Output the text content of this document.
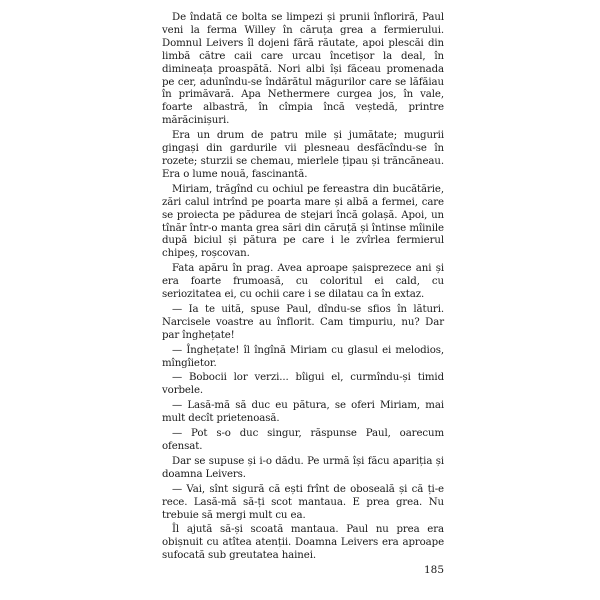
De îndată ce bolta se limpezi și prunii înfloriră, Paul veni la ferma Willey în căruța grea a fermierului. Domnul Leivers îl dojeni fără răutate, apoi plescăi din limbă către caii care urcau încetișor la deal, în dimineața proaspătă. Nori albi își făceau promenada pe cer, adunîndu-se îndărătul măgurilor care se lăfăiau în primăvară. Apa Nethermere curgea jos, în vale, foarte albastră, în cîmpia încă veștedă, printre mărăcinișuri.

Era un drum de patru mile și jumătate; mugurii gingași din gardurile vii plesneau desfăcîndu-se în rozete; sturzii se chemau, mierlele țipau și trăncăneau. Era o lume nouă, fascinantă.

Miriam, trăgînd cu ochiul pe fereastra din bucătărie, zări calul intrînd pe poarta mare și albă a fermei, care se proiecta pe pădurea de stejari încă golașă. Apoi, un tînăr într-o manta grea sări din căruță și întinse mîinile după biciul și pătura pe care i le zvîrlea fermierul chipeș, roșcovan.

Fata apăru în prag. Avea aproape șaisprezece ani și era foarte frumoasă, cu coloritul ei cald, cu seriozitatea ei, cu ochii care i se dilatau ca în extaz.

— Ia te uită, spuse Paul, dîndu-se sfios în lături. Narcisele voastre au înflorit. Cam timpuriu, nu? Dar par înghețate!

— Înghețate! îl îngînă Miriam cu glasul ei melodios, mîngîietor.

— Bobocii lor verzi... bîigui el, curmîndu-și timid vorbele.

— Lasă-mă să duc eu pătura, se oferi Miriam, mai mult decît prietenoasă.

— Pot s-o duc singur, răspunse Paul, oarecum ofensat.

Dar se supuse și i-o dădu. Pe urmă își făcu apariția și doamna Leivers.

— Vai, sînt sigură că ești frînt de oboseală și că ți-e rece. Lasă-mă să-ți scot mantaua. E prea grea. Nu trebuie să mergi mult cu ea.

Îl ajută să-și scoată mantaua. Paul nu prea era obișnuit cu atîtea atenții. Doamna Leivers era aproape sufocată sub greutatea hainei.

185
